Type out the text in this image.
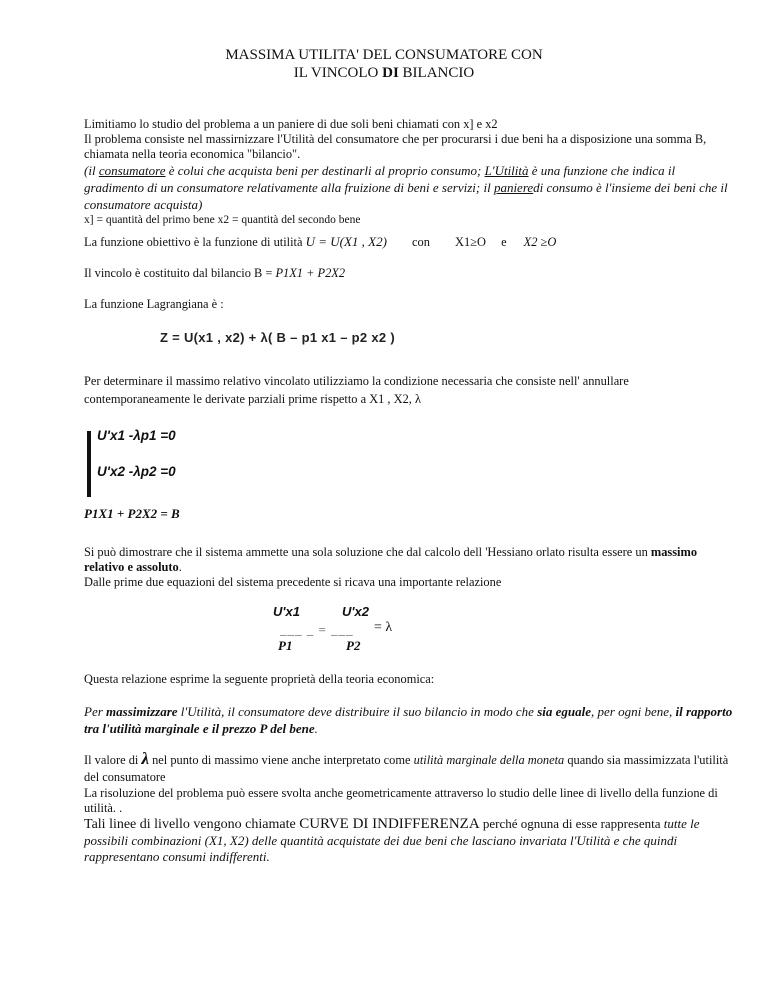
MASSIMA UTILITA' DEL CONSUMATORE CON
IL VINCOLO DI BILANCIO

Limitiamo lo studio del problema a un paniere di due soli beni chiamati con x] e x2

Il problema consiste nel massirnizzare l'Utilità del consumatore che per procurarsi i due beni ha a disposizione una somma B, chiamata nella teoria economica "bilancio".

(il consumatore è colui che acquista beni per destinarli al proprio consumo; L'Utilità è una funzione che indica il gradimento di un consumatore relativamente alla fruizione di beni e servizi; il panieredi consumo è l'insieme dei beni che il consumatore acquista)

x] = quantità del primo bene x2 = quantità del secondo bene

La funzione obiettivo è la funzione di utilità U = U(X1 , X2) con X1≥O e X2 ≥O
Il vincolo è costituito dal bilancio B = P1X1 + P2X2
La funzione Lagrangiana è :
Z = U(x1 , x2) + λ( B – p1 x1 – p2 x2 )
Per determinare il massimo relativo vincolato utilizziamo la condizione necessaria che consiste nell' annullare contemporaneamente le derivate parziali prime rispetto a X1 , X2, λ
U'x1 -λp1 =0
U'x2 -λp2 =0
P1X1 + P2X2 = B

Si può dimostrare che il sistema ammette una sola soluzione che dal calcolo dell 'Hessiano orlato risulta essere un massimo relativo e assoluto.

Dalle prime due equazioni del sistema precedente si ricava una importante relazione

U'x1	U'x2
___ _ = ___ = λ
P1	P2
Questa relazione esprime la seguente proprietà della teoria economica:
Per massimizzare l'Utilità, il consumatore deve distribuire il suo bilancio in modo che sia eguale, per ogni bene, il rapporto tra l'utilità marginale e il prezzo P del bene.

Il valore di λ nel punto di massimo viene anche interpretato come utilità marginale della moneta quando sia massimizzata l'utilità del consumatore

La risoluzione del problema può essere svolta anche geometricamente attraverso lo studio delle linee di livello della funzione di utilità. .

Tali linee di livello vengono chiamate CURVE DI INDIFFERENZA perché ognuna di esse rappresenta tutte le possibili combinazioni (X1, X2) delle quantità acquistate dei due beni che lasciano invariata l'Utilità e che quindi rappresentano consumi indifferenti.
